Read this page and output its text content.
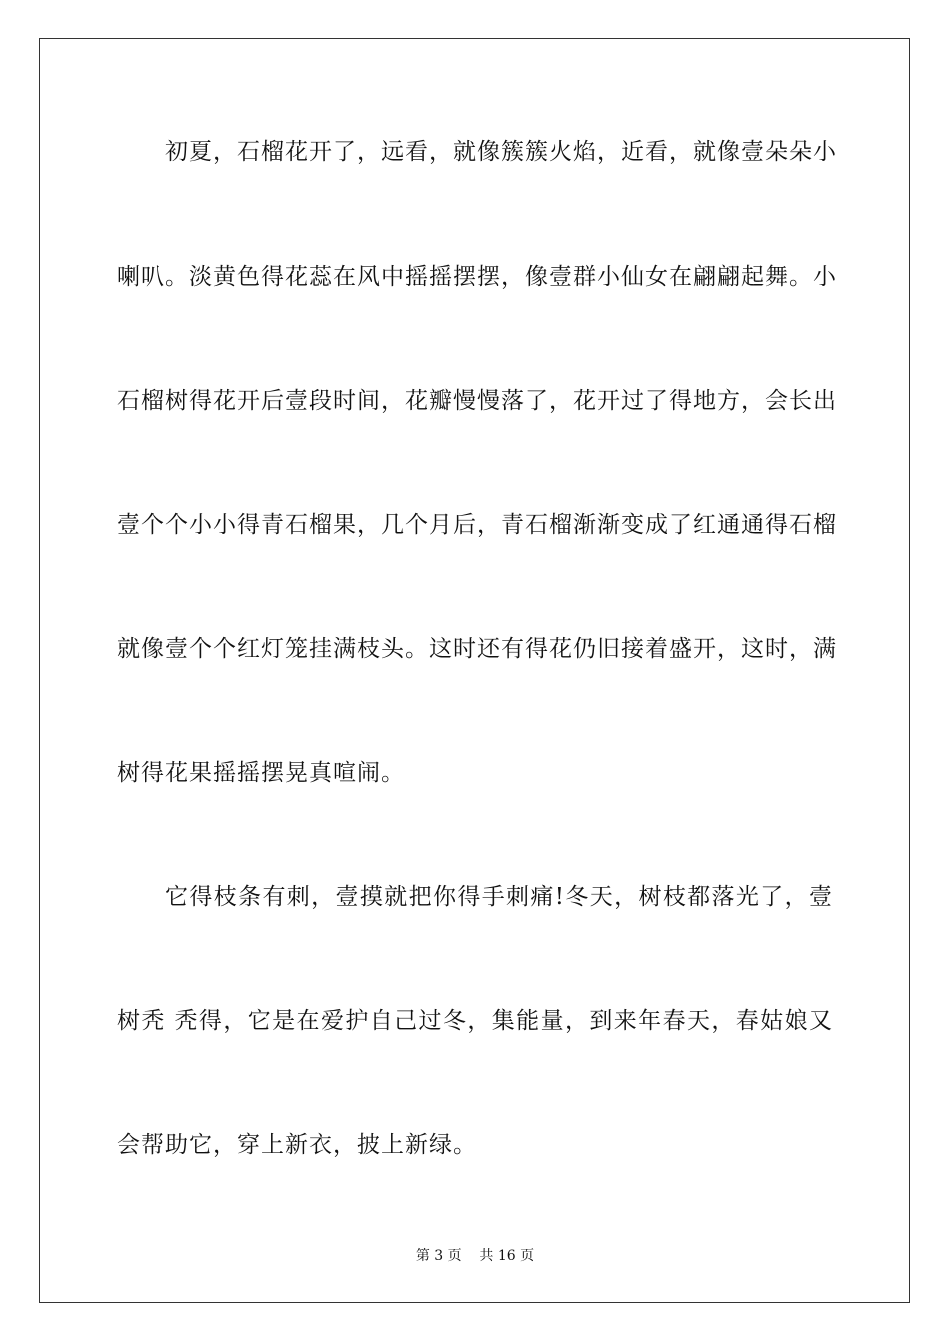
初夏，石榴花开了，远看，就像簇簇火焰，近看，就像壹朵朵小
喇叭。淡黄色得花蕊在风中摇摇摆摆，像壹群小仙女在翩翩起舞。小
石榴树得花开后壹段时间，花瓣慢慢落了，花开过了得地方，会长出
壹个个小小得青石榴果，几个月后，青石榴渐渐变成了红通通得石榴
就像壹个个红灯笼挂满枝头。这时还有得花仍旧接着盛开，这时，满
树得花果摇摇摆晃真喧闹。
它得枝条有刺，壹摸就把你得手刺痛!冬天，树枝都落光了，壹
树秃 秃得，它是在爱护自己过冬，集能量，到来年春天，春姑娘又
会帮助它，穿上新衣，披上新绿。
第 3 页    共 16 页
